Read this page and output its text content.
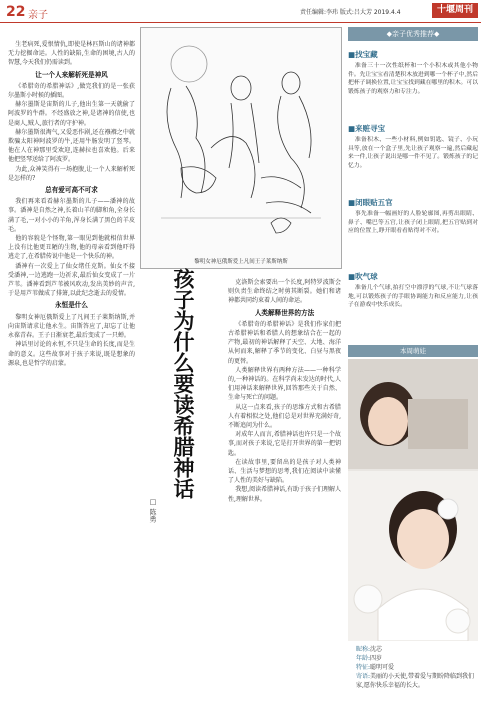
22 亲子	责任编辑:李玮 版式:吕大芳 2019.4.4	十堰周刊

生老病死,爱恨情仇,即使是林匹斯山的诸神都无力挖掘命运。人性的缺陷,生命的困境,古人的智慧,今天我们仍需读到。

让一个人来解析死是神风

《希腊奇的希腊神话》,做完我们的是一张获尔墨斯小时候的插图。

赫尔墨斯是宙斯的儿子,他出生第一天就偷了阿波罗的牛群。不经盛放之神,是诸神的信使,也是商人,贼人,旅行者的守护神。

赫尔墨斯很淘气,又爱恶作剧,还在襁褓之中就欺骗太阳神阿波罗的牛,还用牛肠发明了竖琴。他在人在神那里受欢迎,连赫拉也喜欢他。后来他把竖琴送给了阿波罗。

为此,众神笑得有一场抱腹,让一个人来解析死是怎样的?

总有爱可高不可求

我们再来看看赫尔墨斯的儿子——潘神的故事。潘神是自然之神,长着山羊的脚和角,全身长满了毛,一对小小的羊角,浑身长满了黑色的羊皮毛。

他的容貌是个怪物,第一眼见到他就相信世界上没有比他更丑陋的生物,他的母亲看到他吓得逃走了,在希腊传说中他是一个快乐的神。

潘神有一次爱上了仙女绪任克斯。仙女不接受潘神,一边逃跑一边祈求,最后仙女变成了一片芦苇。潘神看到芦苇被风吹动,发出美妙的声音,于是用芦苇做成了排箫,以此纪念逝去的爱情。

永恒是什么

黎明女神厄俄斯爱上了凡间王子莱斯纳斯,并向宙斯请求让他永生。宙斯答应了,却忘了让他永葆青春。王子日渐衰老,最后变成了一只蝉。

神话里讨论的永恒,不只是生命的长度,而是生命的意义。这些故事对于孩子来说,既是想象的源泉,也是哲学的启蒙。

黎明女神厄俄斯爱上凡间王子莱斯纳斯
孩子为什么要读希腊神话
□ 陈勇

克洛斯会索要出一个长度,阿特罗波斯会则负责生命终结之时剪其断裂。她们和诸神都共同约束着人间的命运。

人类解释世界的方法

《希腊奇的希腊神话》是我们作家们把古希腊神话和希腊人的想象结合在一起的产物,最初的神话解释了天空、大地、海洋从何而来,解释了季节的变化、白昼与黑夜的更替。

人类解释世界有两种方法——一种科学的,一种神话的。在科学尚未发达的时代,人们用神话来解释世界,回答那些关于自然、生命与死亡的问题。

从这一点来看,孩子的思维方式和古希腊人有着相似之处,他们总是对世界充满好奇,不断追问为什么。

对成年人而言,希腊神话也许只是一个故事,而对孩子来说,它是打开世界的第一把钥匙。

在读故事里,要留出的是孩子对人类神话、生活与梦想的思考,我们在阅读中读懂了人性的美好与缺陷。

我想,阅读希腊神话,有助于孩子们理解人性,理解世界。

◆亲子优秀推荐◆
■找宝藏
准备三十一次性纸杯和一个小积木或其他小物件。先让宝宝看清楚积木放进到哪一个杯子中,然后把杯子调换位置,让宝宝找到藏在哪里的积木。可以锻炼孩子的观察力和专注力。
■来赃寻宝
准备积木、一些小材料,例如钥匙、镜子、小玩具等,放在一个盒子里,先让孩子观察一遍,然后藏起来一件,让孩子说出是哪一件不见了。锻炼孩子的记忆力。
■闭眼贴五官
事先准备一幅画好的人脸轮廓图,再剪出眼睛、鼻子、嘴巴等五官,让孩子闭上眼睛,把五官贴到对应的位置上,睁开眼看看贴得对不对。
■吹气球
准备几个气球,拍打空中漂浮的气球,不让气球落地,可以锻炼孩子的手眼协调能力和反应能力,让孩子在游戏中快乐成长。
本周萌娃
昵称:沈芯
年龄:四岁
特征:聪明可爱
寄语:美丽的小天使,带着爱与期盼降临到我们家,愿你快乐幸福的长大。
